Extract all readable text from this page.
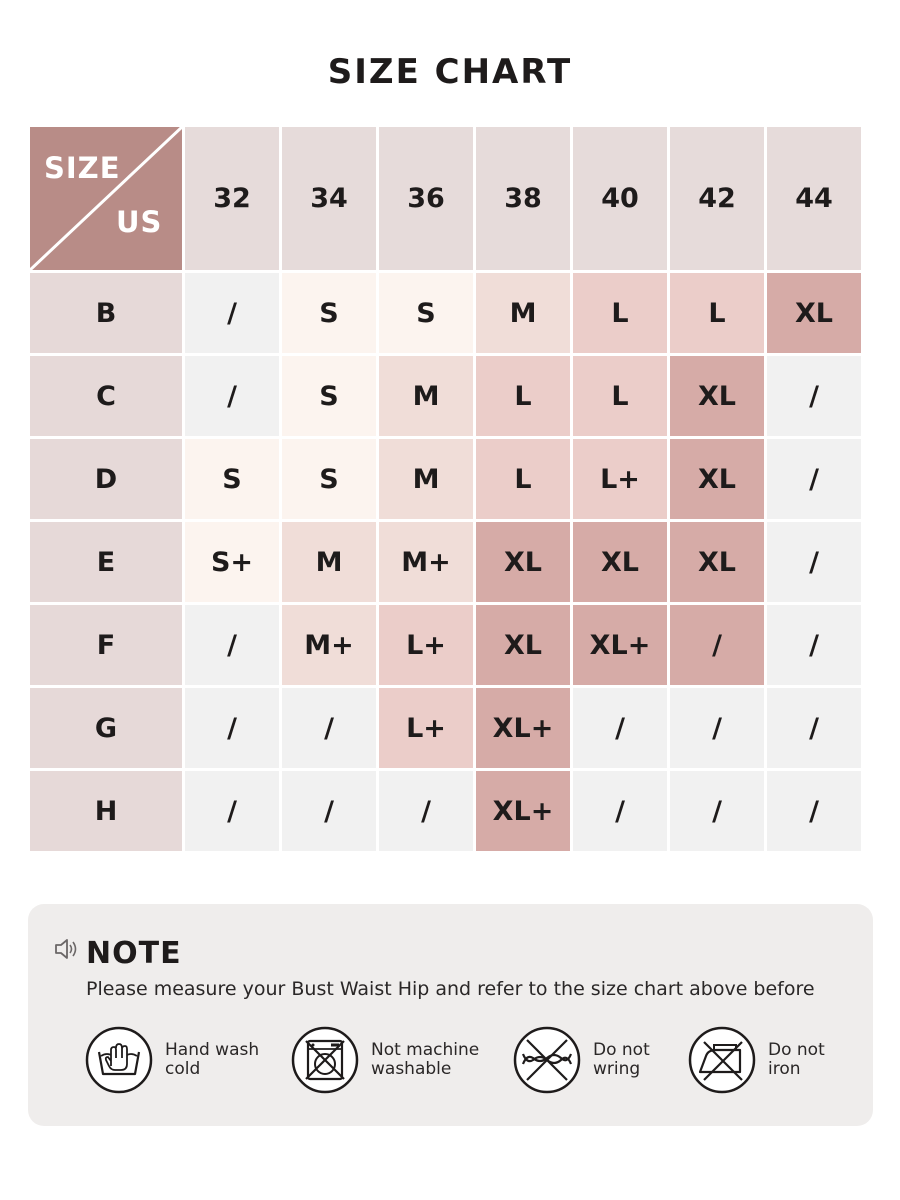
SIZE CHART
SIZE
US
32	34	36	38	40	42	44
B	/	S	S	M	L	L	XL
C	/	S	M	L	L	XL	/
D	S	S	M	L	L+	XL	/
E	S+	M	M+	XL	XL	XL	/
F	/	M+	L+	XL	XL+	/	/
G	/	/	L+	XL+	/	/	/
H	/	/	/	XL+	/	/	/
NOTE
Please measure your Bust Waist Hip and refer to the size chart above before
Hand wash
cold
Not machine
washable
Do not
wring
Do not
iron
